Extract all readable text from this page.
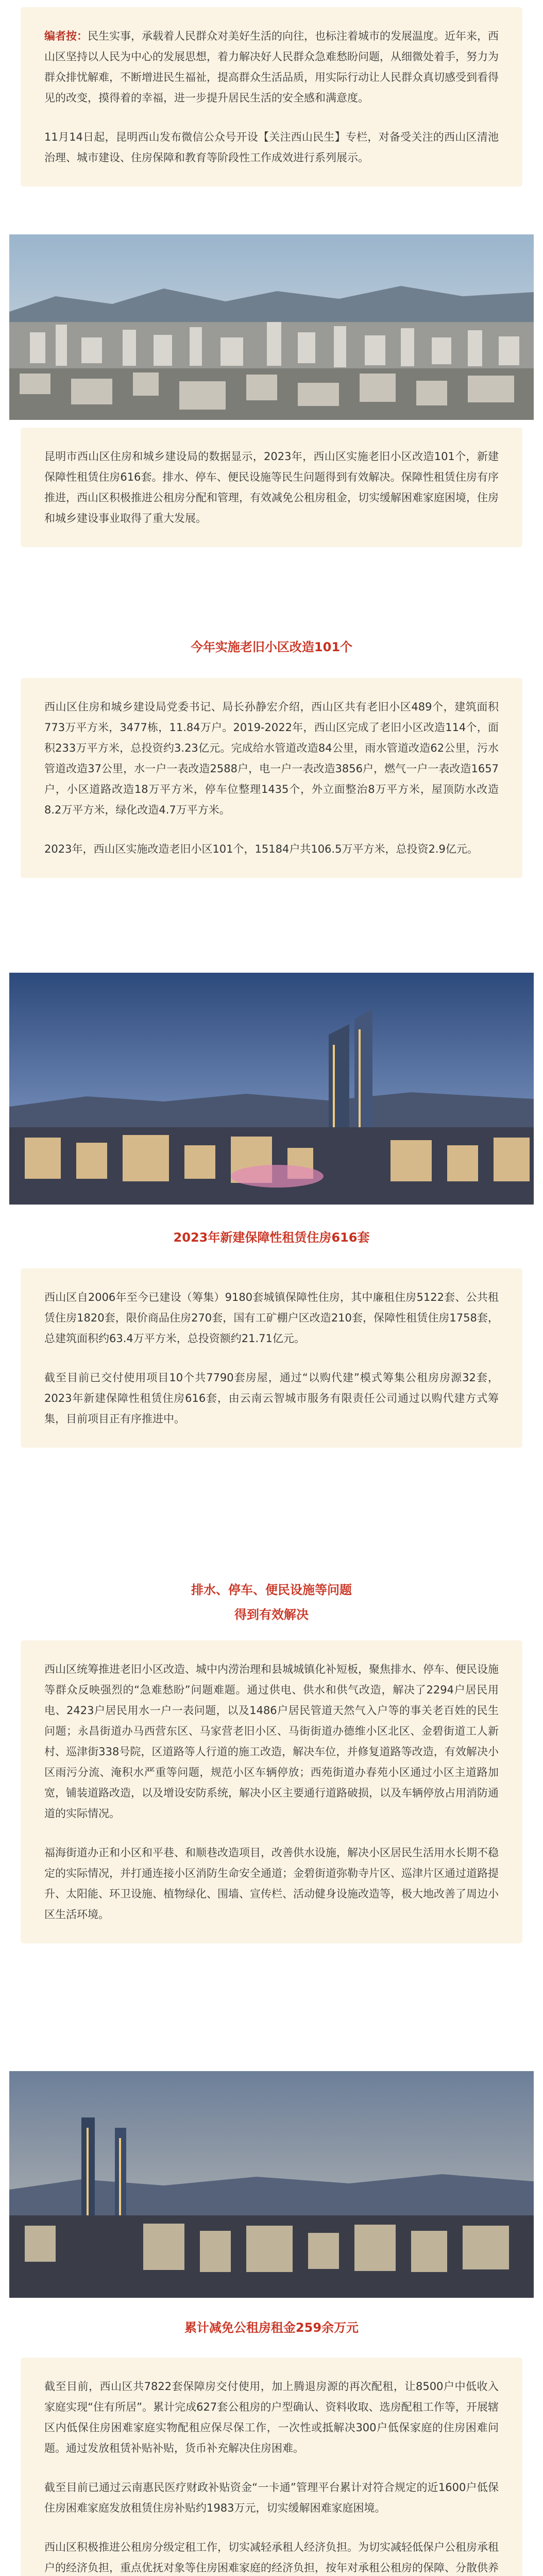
编者按：民生实事，承载着人民群众对美好生活的向往，也标注着城市的发展温度。近年来，西山区坚持以人民为中心的发展思想，着力解决好人民群众急难愁盼问题，从细微处着手，努力为群众排忧解难，不断增进民生福祉，提高群众生活品质，用实际行动让人民群众真切感受到看得见的改变，摸得着的幸福，进一步提升居民生活的安全感和满意度。

11月14日起，昆明西山发布微信公众号开设【关注西山民生】专栏，对备受关注的西山区清池治理、城市建设、住房保障和教育等阶段性工作成效进行系列展示。

昆明市西山区住房和城乡建设局的数据显示，2023年，西山区实施老旧小区改造101个，新建保障性租赁住房616套。排水、停车、便民设施等民生问题得到有效解决。保障性租赁住房有序推进，西山区积极推进公租房分配和管理，有效减免公租房租金，切实缓解困难家庭困境，住房和城乡建设事业取得了重大发展。

今年实施老旧小区改造101个

西山区住房和城乡建设局党委书记、局长孙静宏介绍，西山区共有老旧小区489个，建筑面积773万平方米，3477栋，11.84万户。2019-2022年，西山区完成了老旧小区改造114个，面积233万平方米，总投资约3.23亿元。完成给水管道改造84公里，雨水管道改造62公里，污水管道改造37公里，水一户一表改造2588户，电一户一表改造3856户，燃气一户一表改造1657户，小区道路改造18万平方米，停车位整理1435个，外立面整治8万平方米，屋顶防水改造8.2万平方米，绿化改造4.7万平方米。

2023年，西山区实施改造老旧小区101个，15184户共106.5万平方米，总投资2.9亿元。

2023年新建保障性租赁住房616套

西山区自2006年至今已建设（筹集）9180套城镇保障性住房，其中廉租住房5122套、公共租赁住房1820套，限价商品住房270套，国有工矿棚户区改造210套，保障性租赁住房1758套，总建筑面积约63.4万平方米，总投资额约21.71亿元。

截至目前已交付使用项目10个共7790套房屋，通过“以购代建”模式筹集公租房房源32套，2023年新建保障性租赁住房616套，由云南云智城市服务有限责任公司通过以购代建方式筹集，目前项目正有序推进中。

排水、停车、便民设施等问题
得到有效解决

西山区统筹推进老旧小区改造、城中内涝治理和县城城镇化补短板，聚焦排水、停车、便民设施等群众反映强烈的“急难愁盼”问题难题。通过供电、供水和供气改造，解决了2294户居民用电、2423户居民用水一户一表问题，以及1486户居民管道天然气入户等的事关老百姓的民生问题；永昌街道办马西营东区、马家营老旧小区、马街街道办德维小区北区、金碧街道工人新村、巡津街338号院，区道路等人行道的施工改造，解决车位，并修复道路等改造，有效解决小区雨污分流、淹积水严重等问题，规范小区车辆停放；西苑街道办春苑小区通过小区主道路加宽，铺装道路改造，以及增设安防系统，解决小区主要通行道路破损，以及车辆停放占用消防通道的实际情况。

福海街道办正和小区和平巷、和顺巷改造项目，改善供水设施，解决小区居民生活用水长期不稳定的实际情况，并打通连接小区消防生命安全通道；金碧街道弥勒寺片区、巡津片区通过道路提升、太阳能、环卫设施、植物绿化、围墙、宣传栏、活动健身设施改造等，极大地改善了周边小区生活环境。

累计减免公租房租金259余万元

截至目前，西山区共7822套保障房交付使用，加上腾退房源的再次配租，让8500户中低收入家庭实现“住有所居”。累计完成627套公租房的户型确认、资料收取、选房配租工作等，开展辖区内低保住房困难家庭实物配租应保尽保工作，一次性或抵解决300户低保家庭的住房困难问题。通过发放租赁补贴补贴，货币补充解决住房困难。

截至目前已通过云南惠民医疗财政补贴资金“一卡通”管理平台累计对符合规定的近1600户低保住房困难家庭发放租赁住房补贴约1983万元，切实缓解困难家庭困境。

西山区积极推进公租房分级定租工作，切实减轻承租人经济负担。为切实减轻低保户公租房承租户的经济负担，重点优抚对象等住房困难家庭的经济负担，按年对承租公租房的保障、分散供养
